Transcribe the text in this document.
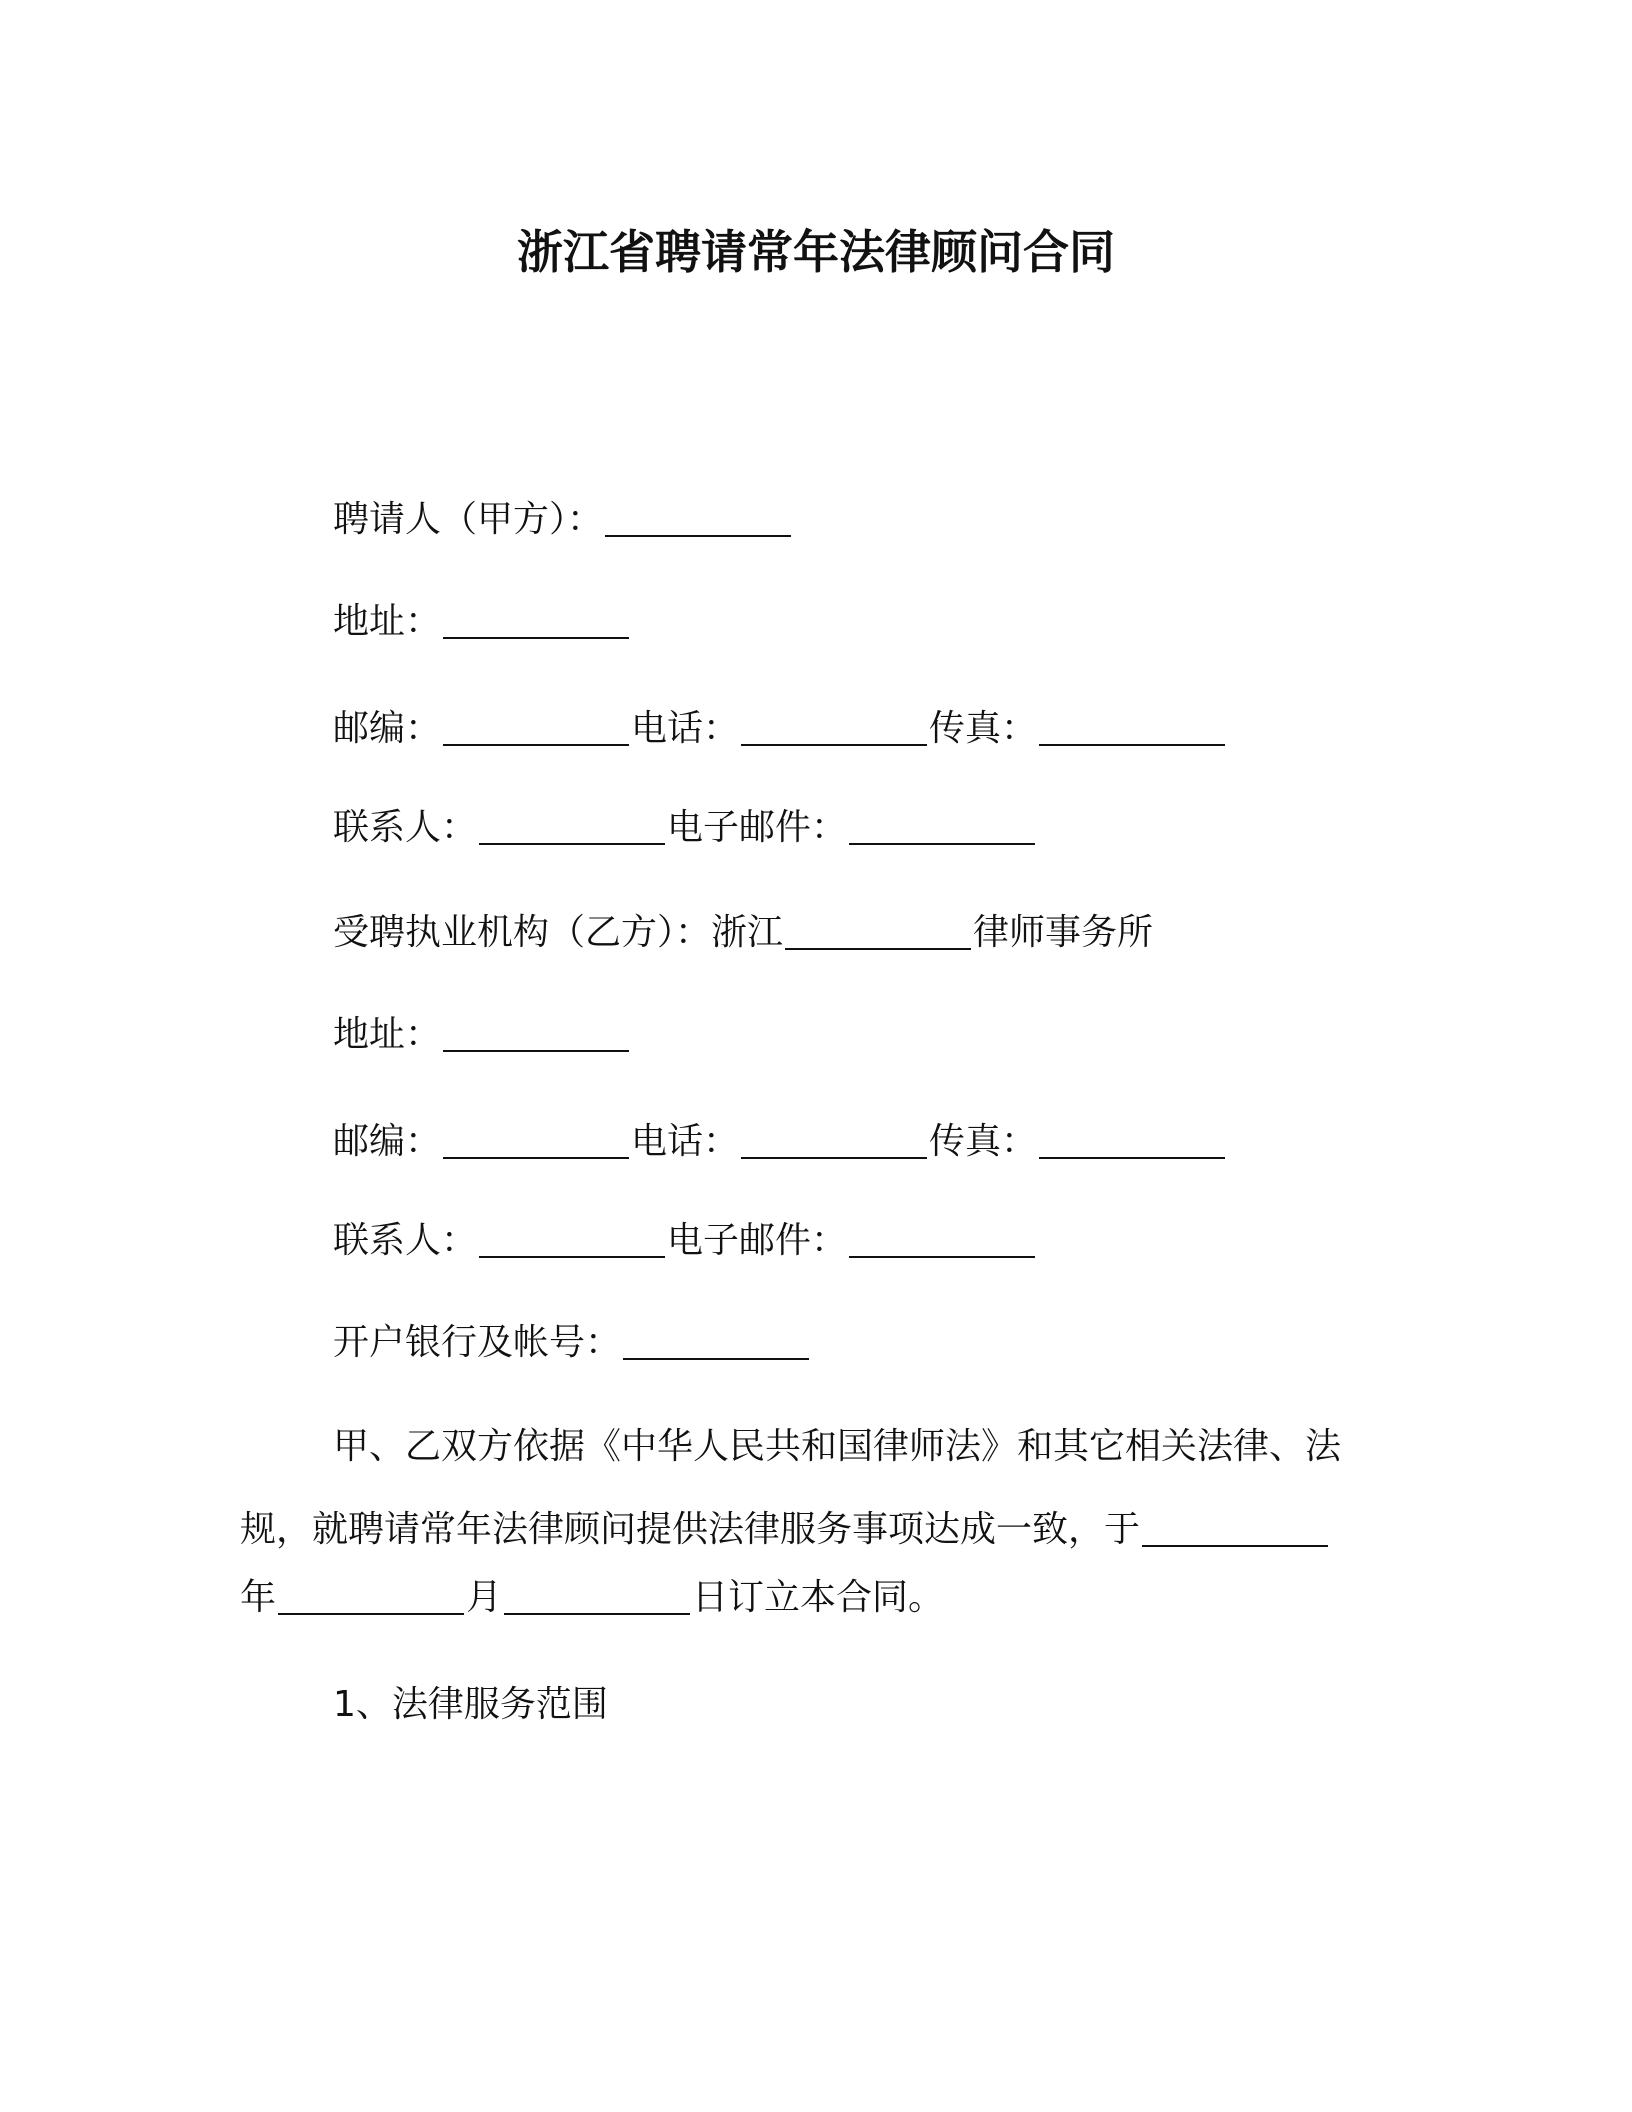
浙江省聘请常年法律顾问合同
聘请人（甲方）：
地址：
邮编：	电话：	传真：
联系人：	电子邮件：
受聘执业机构（乙方）：浙江	律师事务所
地址：
邮编：	电话：	传真：
联系人：	电子邮件：
开户银行及帐号：
甲、乙双方依据《中华人民共和国律师法》和其它相关法律、法
规，就聘请常年法律顾问提供法律服务事项达成一致，于
年	月	日订立本合同。
1、法律服务范围
